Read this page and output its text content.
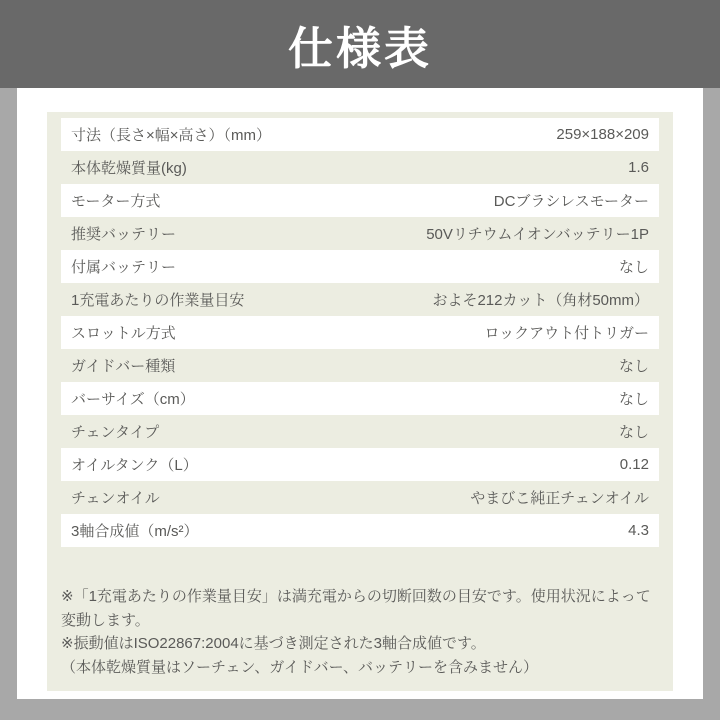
仕様表
寸法（長さ×幅×高さ）（mm）	259×188×209
本体乾燥質量(kg)	1.6
モーター方式	DCブラシレスモーター
推奨バッテリー	50Vリチウムイオンバッテリー1P
付属バッテリー	なし
1充電あたりの作業量目安	およそ212カット（角材50mm）
スロットル方式	ロックアウト付トリガー
ガイドバー種類	なし
バーサイズ（cm）	なし
チェンタイプ	なし
オイルタンク（L）	0.12
チェンオイル	やまびこ純正チェンオイル
3軸合成値（m/s²）	4.3

※「1充電あたりの作業量目安」は満充電からの切断回数の目安です。使用状況によって変動します。

※振動値はISO22867:2004に基づき測定された3軸合成値です。

（本体乾燥質量はソーチェン、ガイドバー、バッテリーを含みません）
